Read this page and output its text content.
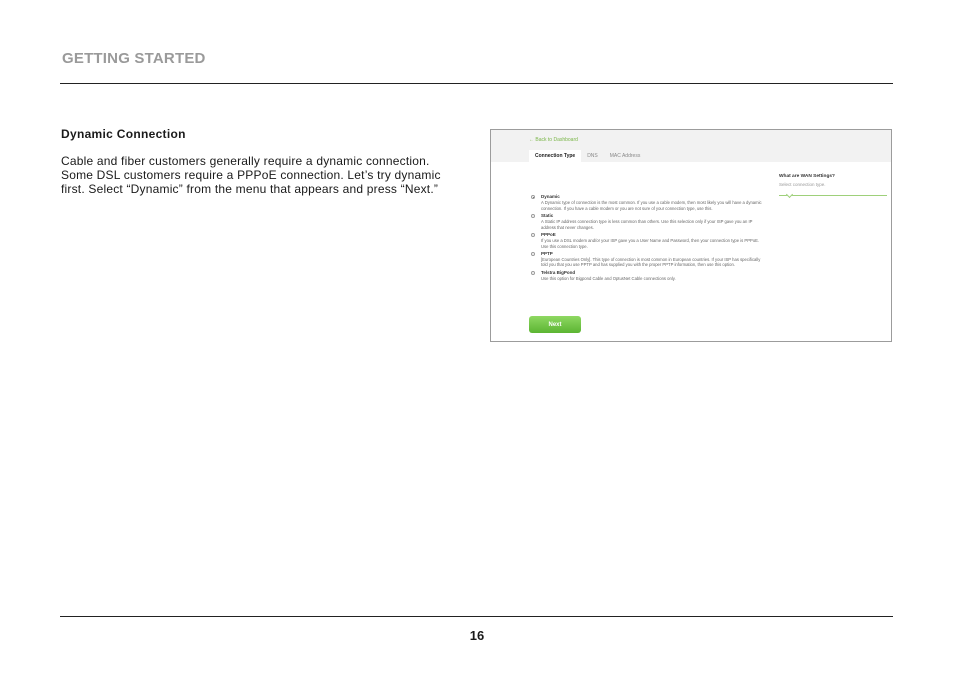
GETTING STARTED
Dynamic Connection

Cable and fiber customers generally require a dynamic connection. Some DSL customers require a PPPoE connection. Let’s try dynamic first. Select “Dynamic” from the menu that appears and press “Next.”

← Back to Dashboard
Connection Type	DNS	MAC Address
Dynamic
A Dynamic type of connection is the most common. If you use a cable modem, then most likely you will have a dynamic connection. If you have a cable modem or you are not sure of your connection type, use this.
Static
A Static IP address connection type is less common than others. Use this selection only if your ISP gave you an IP address that never changes.
PPPoE
If you use a DSL modem and/or your ISP gave you a User Name and Password, then your connection type is PPPoE. Use this connection type.
PPTP
[European Countries Only]. This type of connection is most common in European countries. If your ISP has specifically told you that you use PPTP and has supplied you with the proper PPTP information, then use this option.
Telstra BigPond
Use this option for Bigpond Cable and OptusNet Cable connections only.
What are WAN Settings?
Select connection type.
Next
16
